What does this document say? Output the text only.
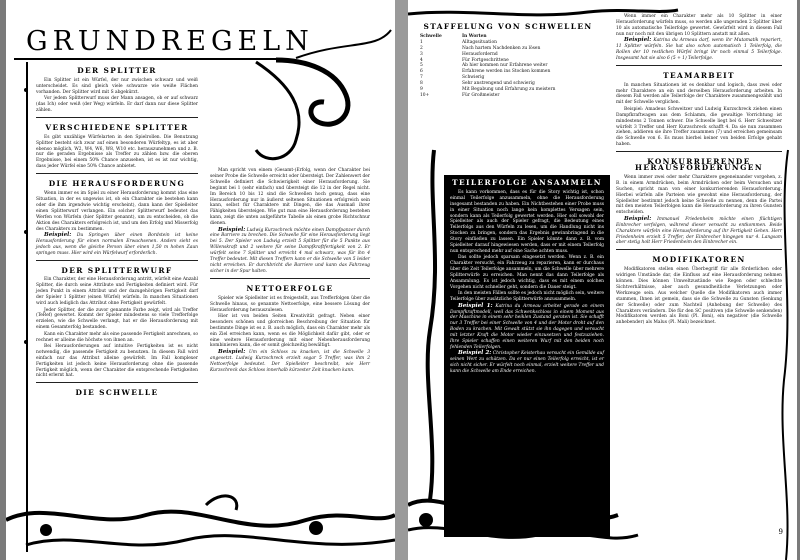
GRUNDREGELN
DER SPLITTER

Ein Splitter ist ein Würfel, der nur zwischen schwarz und weiß unterscheidet. Es sind gleich viele schwarze wie weiße Flächen vorhanden. Der Splitter wird mit S abgekürzt.

Vor jedem Splitterwurf muss der Mann ansagen, ob er auf schwarz (das Ich) oder weiß (der Weg) würfeln. Er darf dann nur diese Splitter zählen.

VERSCHIEDENE SPLITTER

Es gibt unzählige Würfelarten in den Spielrollen. Die Benutzung Splitter besteht sich zwar auf einen besonderen Würfeltyp, es ist aber ebenso möglich, W2, W4, W6, W8, W10 etc. herauszunehmen und z. B. nur die geraden Ergebnisse als Treffer zu zählen bzw. die oberen Ergebnisse, bei einem 50% Chance anzusehen, ist es ist nur wichtig, dass jeder Würfel eine 50% Chance anbietet.

DIE HERAUSFORDERUNG

Wenn immer es im Spiel zu einer Herausforderung kommt (das eine Situation, in der es ungewiss ist, ob ein Charakter sie bestehen kann oder die ihm irgendwie wichtig erscheint), dann kann der Spielleiter einen Splitterwurf verlangen. Ein solcher Splitterwurf bedeutet das Werfen von Würfeln (hier Splitter genannt), um zu entscheiden, ob die Aktion des Charakters erfolgreich ist, und um den Erfolg und Misserfolg des Charakters zu bestimmen.

Beispiel: Du Springen über einen Bordstein ist keine Herausforderung für einen normalen Erwachsenen. Anders sieht es jedoch aus, wenn die gleiche Person über einen 1,50 m hohen Zaun springen muss. Hier wird ein Würfelwurf erforderlich.

DER SPLITTERWURF

Ein Charakter, der eine Herausforderung antritt, würfelt eine Anzahl Splitter, die durch seine Attribute und Fertigkeiten definiert wird. Für jeden Punkt in einem Attribut und der dazugehörigen Fertigkeit darf der Spieler 1 Splitter (einen Würfel) würfeln. In manchen Situationen wird auch lediglich das Attribut ohne Fertigkeit gewürfelt.

Jeder Splitter, der die zuvor genannte Farbe zeigt, wird als Treffer (TeRef) gewertet. Kommt der Spieler mindestens so viele Trefferfolge erzielen, wie die Schwelle verlangt, hat er die Herausforderung mit einem Gesamterfolg bestanden.

Kann ein Charakter mehr als eine passende Fertigkeit anrechnen, so rechnet er alleine die höchste von ihnen an.

Bei Herausforderungen auf intuitive Fertigkeiten ist es nicht notwendig, die passende Fertigkeit zu benutzen. In diesem Fall wird einfach nur das Attribut alleine gewürfelt. Im Fall komplexer Fertigkeiten ist jedoch keine Herausforderung ohne die passende Fertigkeit möglich, wenn der Charakter die entsprechende Fertigkeiten nicht erlernt hat.

DIE SCHWELLE

Man spricht von einem (Gesamt-)Erfolg, wenn der Charakter bei seiner Probe die Schwelle erreicht oder übersteigt. Der Zahlenwert der Schwelle definiert die Schwierigkeit einer Herausforderung. Sie beginnt bei 1 (sehr einfach) und übersteigt die 12 in der Regel nicht. Im Bereich 10 bis 12 sind die Schwellen hoch genug, dass eine Herausforderung nur in äußerst seltenen Situationen erfolgreich sein kann, selbst für Charaktere mit Dingen, die das Ausmaß ihrer Fähigkeiten übersteigen. Wie gut man eine Herausforderung bestehen kann, zeigt die unten aufgeführte Tabelle als einen grobe Richtschnur dienen.

Beispiel: Ludwig Kurzschreck möchte einen Dampfpanzer durch eine Barriere zu brechen. Die Schwelle für eine Herausforderung liegt bei 5. Der Spieler von Ludwig erzielt 5 Splitter für die 5 Punkte aus Willenskraft und 2 weitere für seine Dampfkraftfertigkeit von 2. Er würfelt seine 7 Splitter und erreicht 4 mal schwarz, was für ihn 4 Treffer bedeutet. Mit diesen Treffern kann er die Schwelle von 5 leider nicht erreichen. Er durchbricht die Barriere und kann das Fahrzeug sicher in der Spur halten.

NETTOERFOLGE

Spieler wie Spielleiter ist es freigestellt, aus Trefferfolgen über die Schwelle hinaus, so genannte Nettoerfolge, eine bessere Lösung der Herausforderung herauszulesen.

Hier ist von beiden Seiten Kreativität gefragt. Neben einer besonders schönen und glorreichen Beschreibung der Situation für bestimmte Dinge ist es z. B. auch möglich, dass ein Charakter mehr als ein Ziel erreichen kann, wenn es die Möglichkeit dafür gibt, oder er eine weitere Herausforderung mit einer Nebenherausforderung kombinieren kann, die er somit gleichzeitig bewältigt.

Beispiel: Um ein Schloss zu knacken, ist die Schwelle 3 angesetzt. Ludwig Kurzschreck erzielt sogar 5 Treffer, was ihm 2 Nettoerfolge bedeutet. Der Spielleiter beschreibt, wie Herr Kurzschreck das Schloss innerhalb kürzester Zeit knacken kann.

STAFFELUNG VON SCHWELLEN
Schwelle	In Worten
1	Alltagssituation
2	Nach hartem Nachdenken zu lösen
3	Herausfordernd
4	Für Fortgeschrittene
5	Ab hier kommen nur Erfahrene weiter
6	Erfahrene werden ins Stocken kommen
7	Schwierig
8	Sehr anstrengend und schwierig
9	Mit Begabung und Erfahrung zu meistern
10+	Für Großmeister
TEILERFOLGE ANSAMMELN

Es kann vorkommen, dass es für die Story wichtig ist, schon einmal Teilerfolge anzusammeln, ohne die Herausforderung insgesamt bestanden zu haben. Ein Nichtbestehen einer Probe muss in einer Situation noch lange kein komplettes Versagen sein, sondern kann als Teilerfolg gewertet werden. Hier soll sowohl der Spielleiter als auch der Spieler gefragt, die Bedeutung eines Teilerfolgs aus den Würfeln zu lesen, um die Handlung nicht ins Stocken zu bringen, sondern das Ergebnis gewinnbringend in die Story einfließen zu lassen. Ein Spieler könnte dann z. B. vom Spielleiter darauf hingewiesen werden, dass er mit einem Teilerfolg nun entsprechend mehr auf eine Sache achten muss.

Das sollte jedoch sparsam eingesetzt werden. Wenn z. B. ein Charakter versucht, ein Fahrzeug zu reparieren, kann er durchaus über die Zeit Teilerfolge ansammeln, um die Schwelle über mehrere Splitterwürfe zu erreichen. Man nennt das dann Teilerfolge als Ansammlung. Es ist jedoch wichtig, dass es mit einem solchen Vorgehen nicht schneller geht, sondern die Dauer steigt.

In den meisten Fällen sollte es jedoch nicht möglich sein, weitere Teilerfolge über zusätzliche Splitterwürfe anzusammeln.

Beispiel 1: Katrina du Armeau arbeitet gerade an einem Dampfkraftmodell, weil das Schwenkschloss in einem Moment aus der Maschine in einem sehr heiklen Zustand geraten ist. Sie schafft nur 3 Treffer bei einer Schwelle von 4 und der Motor droht auf den Boden zu krachen. Mit Gewalt stützt sie ihn dagegen und versucht mit letzter Kraft die Motor wieder einzusetzen und festzuziehen. Ihre Spieler schaffen einen weiteren Wurf mit den beiden noch fehlenden Teilerfolgen.

Beispiel 2: Christopher Keisterhau versucht ein Gemälde auf seinen Wert zu schätzen. Da er nur einen Teilerfolg erreicht, ist er sich nicht sicher. Er würfelt noch einmal, erzielt weitere Treffer und kann die Schwelle am Ende erreichen.

Wenn immer ein Charakter mehr als 10 Splitter in einer Herausforderung würfeln muss, so werden alle ungeraden 2 Splitter über 10 als automatische Teilerfolge gewertet. Gewürfelt wird in diesem Fall nun nur noch mit den übrigen 10 Splittern anstatt mit allen.

Beispiel: Katrina du Armeau darf, wenn ihr Mutamatik repariert, 11 Splitter würfeln. Sie hat also schon automatisch 1 Teilerfolg, die Rollen der 10 restlichen Würfel bringt ihr noch einmal 5 Teilerfolge. Insgesamt hat sie also 6 (5 + 1) Teilerfolge.

TEAMARBEIT

In manchen Situationen ist es denkbar und logisch, dass zwei oder mehr Charaktere an ein und derselben Herausforderung arbeiten. In diesem Fall werden alle Teilerfolge der Charaktere zusammengezählt und mit der Schwelle verglichen.

Beispiel: Amadeus Schweitzer und Ludwig Kurzschreck ziehen einen Dampfkraftwagen aus dem Schlamm, die gewaltige Vorrichtung ist mindestens 2 Tonnen schwer. Die Schwelle liegt bei 6. Herr Schweitzer würfelt 3 Treffer und Herr Kurzschreck schafft 4. Da sie nun zusammen ziehen, addieren sie ihre Treffer zusammen (7) und erreichen gemeinsam die Schwelle von 6. Es muss hierbei keiner von beiden Erfolge gehabt haben.

KONKURRIERENDE HERAUSFORDERUNGEN

Wenn immer zwei oder mehr Charaktere gegeneinander vorgehen, z. B. in einem Armdrücken, beim Armdrücken oder beim Versuchen und Suchen, spricht man von einer konkurrierenden Herausforderung. Hierbei würfeln alle Parteien wie gewohnt eine Herausforderung, der Spielleiter bestimmt jedoch keine Schwelle zu nennen, denn die Partei mit den meisten Teilerfolgen kann die Herausforderung zu ihren Gunsten entscheiden.

Beispiel: Immanuel Friedenheim möchte einen flüchtigen Einbrecher verfolgen, während dieser versucht zu entkommen. Beide Charaktere würfeln eine Herausforderung auf ihr Fertigkeit Gehen. Herr Friedenheim erzielt 5 Treffer, der Einbrecher hingegen nur 4. Langsam aber stetig holt Herr Friedenheim den Einbrecher ein.

MODIFIKATOREN

Modifikatoren stellen einen Überbegriff für alle förderlichen oder widrigen Umstände dar, die Einfluss auf eine Herausforderung nehmen können. Dies können Umweltzustände wie Regen oder schlechte Sichtverhältnisse, aber auch gesundheitliche Verletzungen oder Werkzeuge sein. Aus welcher Quelle die Modifikatoren auch immer stammen, Ihnen ist gemein, dass sie die Schwelle zu Gunsten (Senkung der Schwelle) oder zum Nachteil (Anhebung der Schwelle) des Charakters verändern. Die für den SC positiven (die Schwelle senkenden) Modifikatoren werden als Boni (Pl. Boni), ein negativer (die Schwelle anhebender) als Malus (Pl. Mali) bezeichnet.

9
